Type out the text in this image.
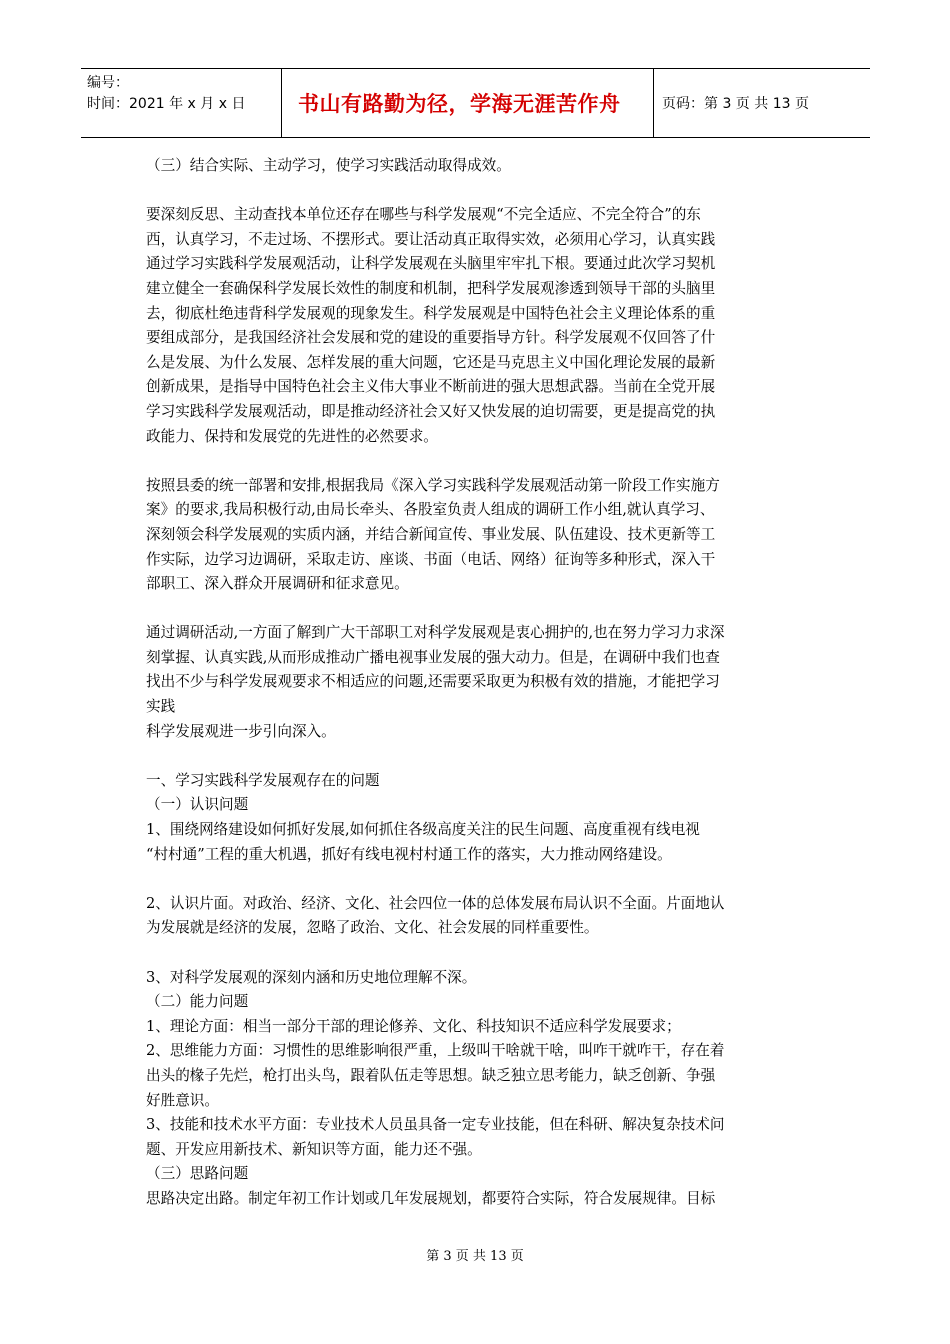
编号：
时间：2021 年 x 月 x 日	书山有路勤为径，学海无涯苦作舟	页码：第 3 页 共 13 页
（三）结合实际、主动学习，使学习实践活动取得成效。
要深刻反思、主动查找本单位还存在哪些与科学发展观“不完全适应、不完全符合”的东
西，认真学习，不走过场、不摆形式。要让活动真正取得实效，必须用心学习，认真实践
通过学习实践科学发展观活动，让科学发展观在头脑里牢牢扎下根。要通过此次学习契机
建立健全一套确保科学发展长效性的制度和机制，把科学发展观渗透到领导干部的头脑里
去，彻底杜绝违背科学发展观的现象发生。科学发展观是中国特色社会主义理论体系的重
要组成部分，是我国经济社会发展和党的建设的重要指导方针。科学发展观不仅回答了什
么是发展、为什么发展、怎样发展的重大问题，它还是马克思主义中国化理论发展的最新
创新成果，是指导中国特色社会主义伟大事业不断前进的强大思想武器。当前在全党开展
学习实践科学发展观活动，即是推动经济社会又好又快发展的迫切需要，更是提高党的执
政能力、保持和发展党的先进性的必然要求。
按照县委的统一部署和安排,根据我局《深入学习实践科学发展观活动第一阶段工作实施方
案》的要求,我局积极行动,由局长牵头、各股室负责人组成的调研工作小组,就认真学习、
深刻领会科学发展观的实质内涵，并结合新闻宣传、事业发展、队伍建设、技术更新等工
作实际，边学习边调研，采取走访、座谈、书面（电话、网络）征询等多种形式，深入干
部职工、深入群众开展调研和征求意见。
通过调研活动,一方面了解到广大干部职工对科学发展观是衷心拥护的,也在努力学习力求深
刻掌握、认真实践,从而形成推动广播电视事业发展的强大动力。但是，在调研中我们也查
找出不少与科学发展观要求不相适应的问题,还需要采取更为积极有效的措施，才能把学习
实践
科学发展观进一步引向深入。
一、学习实践科学发展观存在的问题
（一）认识问题
1、围绕网络建设如何抓好发展,如何抓住各级高度关注的民生问题、高度重视有线电视
“村村通”工程的重大机遇，抓好有线电视村村通工作的落实，大力推动网络建设。
2、认识片面。对政治、经济、文化、社会四位一体的总体发展布局认识不全面。片面地认
为发展就是经济的发展，忽略了政治、文化、社会发展的同样重要性。
3、对科学发展观的深刻内涵和历史地位理解不深。
（二）能力问题
1、理论方面：相当一部分干部的理论修养、文化、科技知识不适应科学发展要求；
2、思维能力方面：习惯性的思维影响很严重，上级叫干啥就干啥，叫咋干就咋干，存在着
出头的椽子先烂，枪打出头鸟，跟着队伍走等思想。缺乏独立思考能力，缺乏创新、争强
好胜意识。
3、技能和技术水平方面：专业技术人员虽具备一定专业技能，但在科研、解决复杂技术问
题、开发应用新技术、新知识等方面，能力还不强。
（三）思路问题
思路决定出路。制定年初工作计划或几年发展规划，都要符合实际，符合发展规律。目标
第 3 页 共 13 页
